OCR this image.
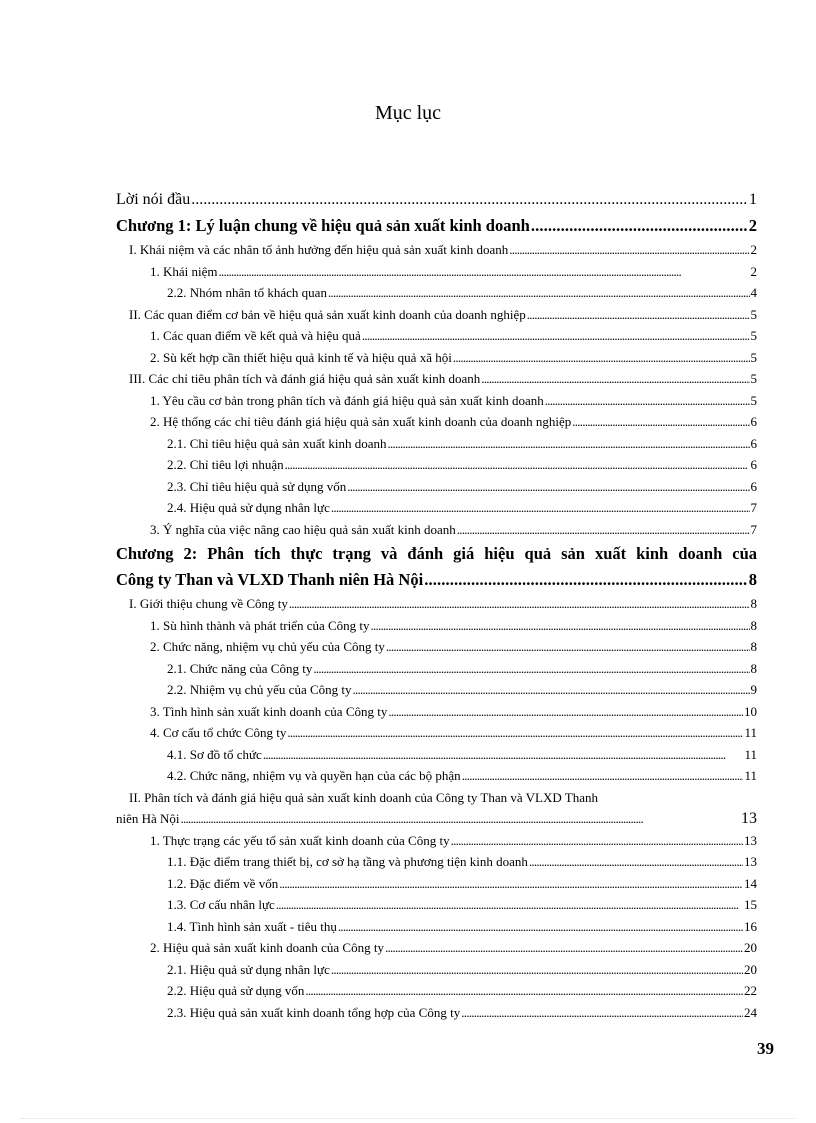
Mục lục
Lời nói đầu . . .	1
Chương 1: Lý luận chung về hiệu quả sản xuất kinh doanh . . .	2
I. Khái niệm và các nhân tố ảnh hưởng đến hiệu quả sản xuất kinh doanh . . .	2
1. Khái niệm . . .	2
2.2. Nhóm nhân tố khách quan . . .	4
II. Các quan điểm cơ bản về hiệu quả sản xuất kinh doanh của doanh nghiệp . . .	5
1. Các quan điểm về kết quả và hiệu quả . . .	5
2. Sù kết hợp cần thiết hiệu quả kinh tế và hiệu quả xã hội . . .	5
III. Các chỉ tiêu phân tích và đánh giá hiệu quả sản xuất kinh doanh . . .	5
1. Yêu cầu cơ bản trong phân tích và đánh giá hiệu quả sản xuất kinh doanh . . .	5
2. Hệ thống các chỉ tiêu đánh giá hiệu quả sản xuất kinh doanh của doanh nghiệp . . .	6
2.1. Chỉ tiêu hiệu quả sản xuất kinh doanh . . .	6
2.2. Chỉ tiêu lợi nhuận . . .	6
2.3. Chỉ tiêu hiệu quả sử dụng vốn . . .	6
2.4. Hiệu quả sử dụng nhân lực . . .	7
3. Ý nghĩa của việc nâng cao hiệu quả sản xuất kinh doanh . . .	7
Chương 2: Phân tích thực trạng và đánh giá hiệu quả sản xuất kinh doanh của
Công ty Than và VLXD Thanh niên Hà Nội . . .	8
I. Giới thiệu chung về Công ty . . .	8
1. Sù hình thành và phát triển của Công ty . . .	8
2. Chức năng, nhiệm vụ chủ yếu của Công ty . . .	8
2.1. Chức năng của Công ty . . .	8
2.2. Nhiệm vụ chủ yếu của Công ty . . .	9
3. Tình hình sản xuất kinh doanh của Công ty . . .	10
4. Cơ cấu tổ chức Công ty . . .	11
4.1. Sơ đồ tổ chức . . .	11
4.2. Chức năng, nhiệm vụ và quyền hạn của các bộ phận . . .	11
II. Phân tích và đánh giá hiệu quả sản xuất kinh doanh của Công ty Than và VLXD Thanh
niên Hà Nội . . .	13
1. Thực trạng các yếu tố sản xuất kinh doanh của Công ty . . .	13
1.1. Đặc điểm trang thiết bị, cơ sở hạ tầng và phương tiện kinh doanh . . .	13
1.2. Đặc điểm về vốn . . .	14
1.3. Cơ cấu nhân lực . . .	15
1.4. Tình hình sản xuất - tiêu thụ . . .	16
2. Hiệu quả sản xuất kinh doanh của Công ty . . .	20
2.1. Hiệu quả sử dụng nhân lực . . .	20
2.2. Hiệu quả sử dụng vốn . . .	22
2.3. Hiệu quả sản xuất kinh doanh tổng hợp của Công ty . . .	24
39
